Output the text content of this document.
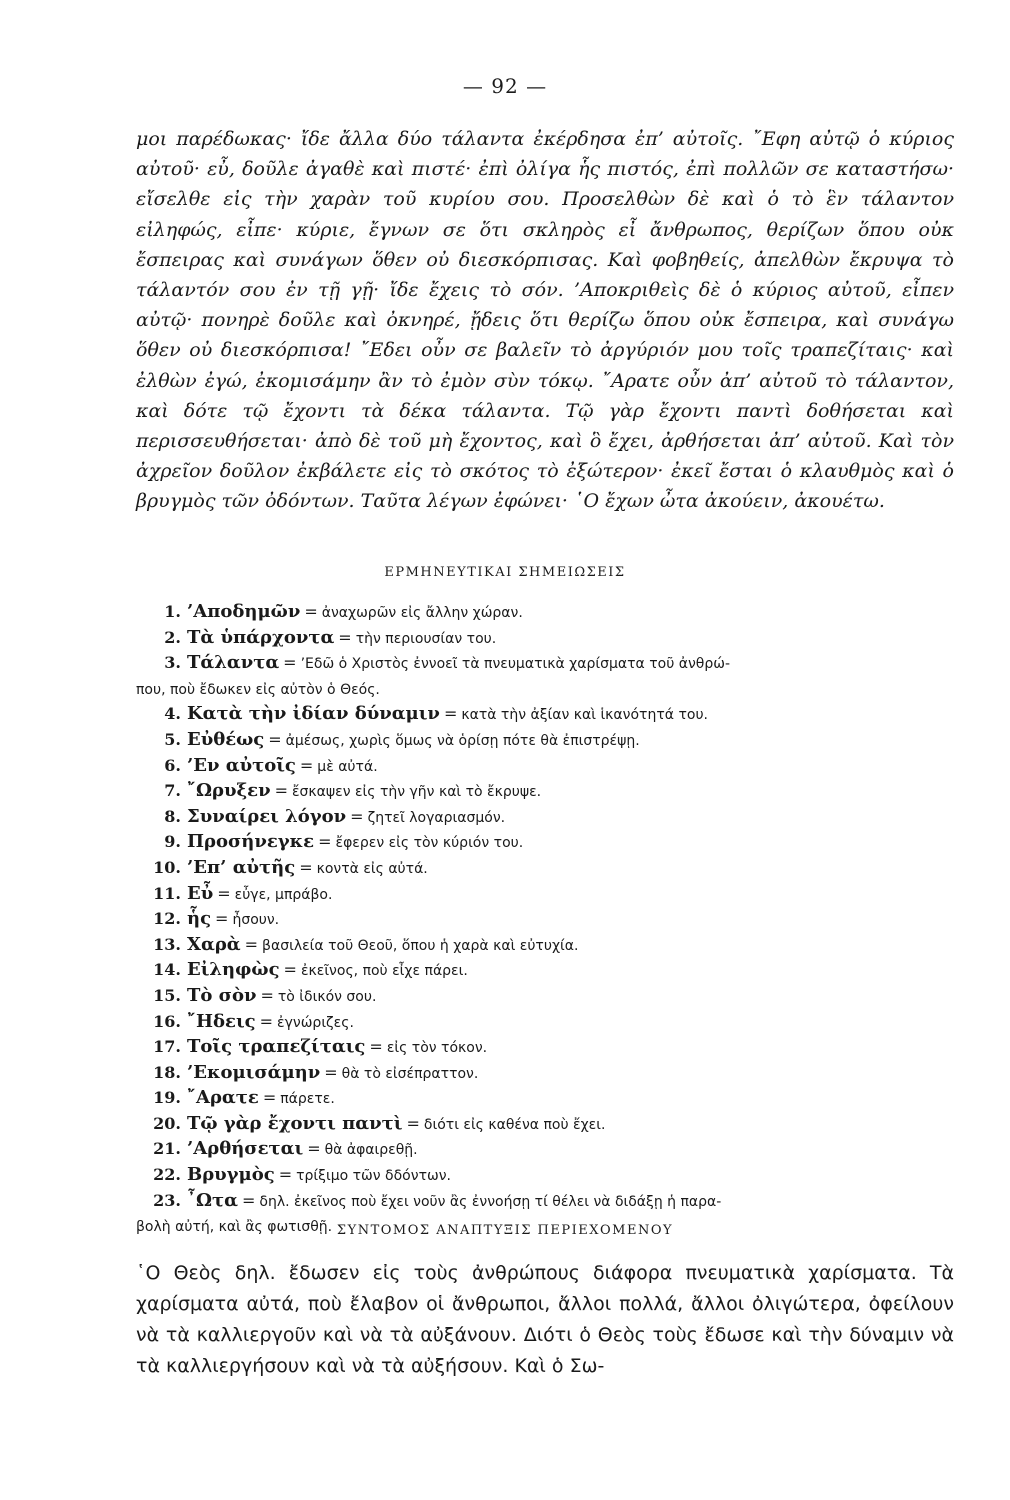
— 92 —

μοι παρέδωκας· ἴδε ἄλλα δύο τάλαντα ἐκέρδησα ἐπ’ αὐτοῖς. ῎Εφη αὐτῷ ὁ κύριος αὐτοῦ· εὖ, δοῦλε ἀγαθὲ καὶ πιστέ· ἐπὶ ὀλίγα ἧς πιστός, ἐπὶ πολλῶν σε καταστήσω· εἴσελθε εἰς τὴν χαρὰν τοῦ κυρίου σου. Προσελθὼν δὲ καὶ ὁ τὸ ἓν τάλαντον εἰληφώς, εἶπε· κύριε, ἔγνων σε ὅτι σκληρὸς εἶ ἄνθρωπος, θερίζων ὅπου οὐκ ἔσπειρας καὶ συνάγων ὅθεν οὐ διεσκόρπισας. Καὶ φοβηθείς, ἀπελθὼν ἔκρυψα τὸ τάλαντόν σου ἐν τῇ γῇ· ἴδε ἔχεις τὸ σόν. ’Αποκριθεὶς δὲ ὁ κύριος αὐτοῦ, εἶπεν αὐτῷ· πονηρὲ δοῦλε καὶ ὀκνηρέ, ᾔδεις ὅτι θερίζω ὅπου οὐκ ἔσπειρα, καὶ συνάγω ὅθεν οὐ διεσκόρπισα! ῎Εδει οὖν σε βαλεῖν τὸ ἀργύριόν μου τοῖς τραπεζίταις· καὶ ἐλθὼν ἐγώ, ἐκομισάμην ἂν τὸ ἐμὸν σὺν τόκῳ. ῎Αρατε οὖν ἀπ’ αὐτοῦ τὸ τάλαντον, καὶ δότε τῷ ἔχοντι τὰ δέκα τάλαντα. Τῷ γὰρ ἔχοντι παντὶ δοθήσεται καὶ περισσευθήσεται· ἀπὸ δὲ τοῦ μὴ ἔχοντος, καὶ ὃ ἔχει, ἀρθήσεται ἀπ’ αὐτοῦ. Καὶ τὸν ἀχρεῖον δοῦλον ἐκβάλετε εἰς τὸ σκότος τὸ ἐξώτερον· ἐκεῖ ἔσται ὁ κλαυθμὸς καὶ ὁ βρυγμὸς τῶν ὀδόντων. Ταῦτα λέγων ἐφώνει· ῾Ο ἔχων ὦτα ἀκούειν, ἀκουέτω.

ΕΡΜΗΝΕΥΤΙΚΑΙ ΣΗΜΕΙΩΣΕΙΣ
1. ’Αποδημῶν = ἀναχωρῶν εἰς ἄλλην χώραν.
2. Τὰ ὑπάρχοντα = τὴν περιουσίαν του.
3. Τάλαντα = ’Εδῶ ὁ Χριστὸς ἐννοεῖ τὰ πνευματικὰ χαρίσματα τοῦ ἀνθρώ-
που, ποὺ ἔδωκεν εἰς αὐτὸν ὁ Θεός.
4. Κατὰ τὴν ἰδίαν δύναμιν = κατὰ τὴν ἀξίαν καὶ ἱκανότητά του.
5. Εὐθέως = ἀμέσως, χωρὶς ὅμως νὰ ὁρίσῃ πότε θὰ ἐπιστρέψῃ.
6. ’Εν αὐτοῖς = μὲ αὐτά.
7. ῎Ωρυξεν = ἔσκαψεν εἰς τὴν γῆν καὶ τὸ ἔκρυψε.
8. Συναίρει λόγον = ζητεῖ λογαριασμόν.
9. Προσήνεγκε = ἔφερεν εἰς τὸν κύριόν του.
10. ’Επ’ αὐτῆς = κοντὰ εἰς αὐτά.
11. Εὖ = εὖγε, μπράβο.
12. ἧς = ἦσουν.
13. Χαρὰ = βασιλεία τοῦ Θεοῦ, ὅπου ἡ χαρὰ καὶ εὐτυχία.
14. Εἰληφὼς = ἐκεῖνος, ποὺ εἶχε πάρει.
15. Τὸ σὸν = τὸ ἰδικόν σου.
16. ῎Ηδεις = ἐγνώριζες.
17. Τοῖς τραπεζίταις = εἰς τὸν τόκον.
18. ’Εκομισάμην = θὰ τὸ εἰσέπραττον.
19. ῎Αρατε = πάρετε.
20. Τῷ γὰρ ἔχοντι παντὶ = διότι εἰς καθένα ποὺ ἔχει.
21. ’Αρθήσεται = θὰ ἀφαιρεθῇ.
22. Βρυγμὸς = τρίξιμο τῶν δδόντων.
23. ῏Ωτα = δηλ. ἐκεῖνος ποὺ ἔχει νοῦν ἂς ἐννοήσῃ τί θέλει νὰ διδάξῃ ἡ παρα-
βολὴ αὐτή, καὶ ἂς φωτισθῇ. ΣΥΝΤΟΜΟΣ ΑΝΑΠΤΥΞΙΣ ΠΕΡΙΕΧΟΜΕΝΟΥ

῾Ο Θεὸς δηλ. ἔδωσεν εἰς τοὺς ἀνθρώπους διάφορα πνευματικὰ χαρίσματα. Τὰ χαρίσματα αὐτά, ποὺ ἔλαβον οἱ ἄνθρωποι, ἄλλοι πολλά, ἄλλοι ὀλιγώτερα, ὀφείλουν νὰ τὰ καλλιεργοῦν καὶ νὰ τὰ αὐξάνουν. Διότι ὁ Θεὸς τοὺς ἔδωσε καὶ τὴν δύναμιν νὰ τὰ καλλιεργήσουν καὶ νὰ τὰ αὐξήσουν. Καὶ ὁ Σω-
